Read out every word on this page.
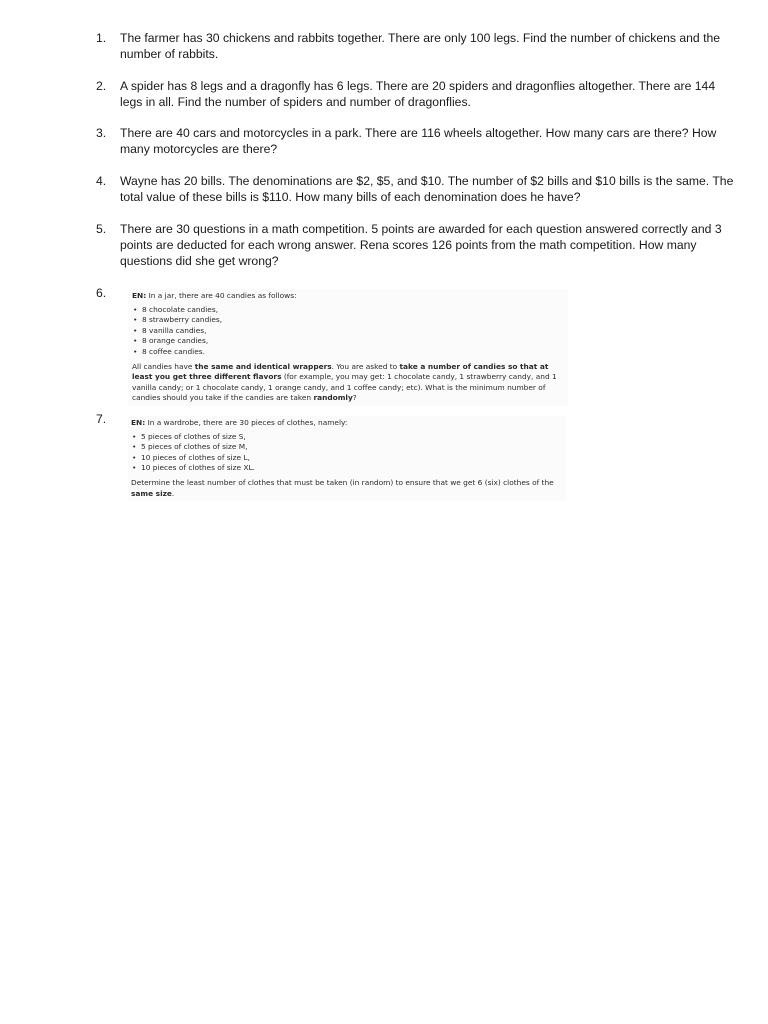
1.	The farmer has 30 chickens and rabbits together. There are only 100 legs. Find the number of chickens and the number of rabbits.
2.	A spider has 8 legs and a dragonfly has 6 legs. There are 20 spiders and dragonflies altogether. There are 144 legs in all. Find the number of spiders and number of dragonflies.
3.	There are 40 cars and motorcycles in a park. There are 116 wheels altogether. How many cars are there? How many motorcycles are there?
4.	Wayne has 20 bills. The denominations are $2, $5, and $10. The number of $2 bills and $10 bills is the same. The total value of these bills is $110. How many bills of each denomination does he have?
5.	There are 30 questions in a math competition. 5 points are awarded for each question answered correctly and 3 points are deducted for each wrong answer. Rena scores 126 points from the math competition. How many questions did she get wrong?
6.	EN: In a jar, there are 40 candies as follows:

• 8 chocolate candies,
• 8 strawberry candies,
• 8 vanilla candies,
• 8 orange candies,
• 8 coffee candies.

All candies have the same and identical wrappers. You are asked to take a number of candies so that at least you get three different flavors (for example, you may get: 1 chocolate candy, 1 strawberry candy, and 1 vanilla candy; or 1 chocolate candy, 1 orange candy, and 1 coffee candy; etc). What is the minimum number of candies should you take if the candies are taken randomly?

7.	EN: In a wardrobe, there are 30 pieces of clothes, namely:

• 5 pieces of clothes of size S,
• 5 pieces of clothes of size M,
• 10 pieces of clothes of size L,
• 10 pieces of clothes of size XL.

Determine the least number of clothes that must be taken (in random) to ensure that we get 6 (six) clothes of the same size.
